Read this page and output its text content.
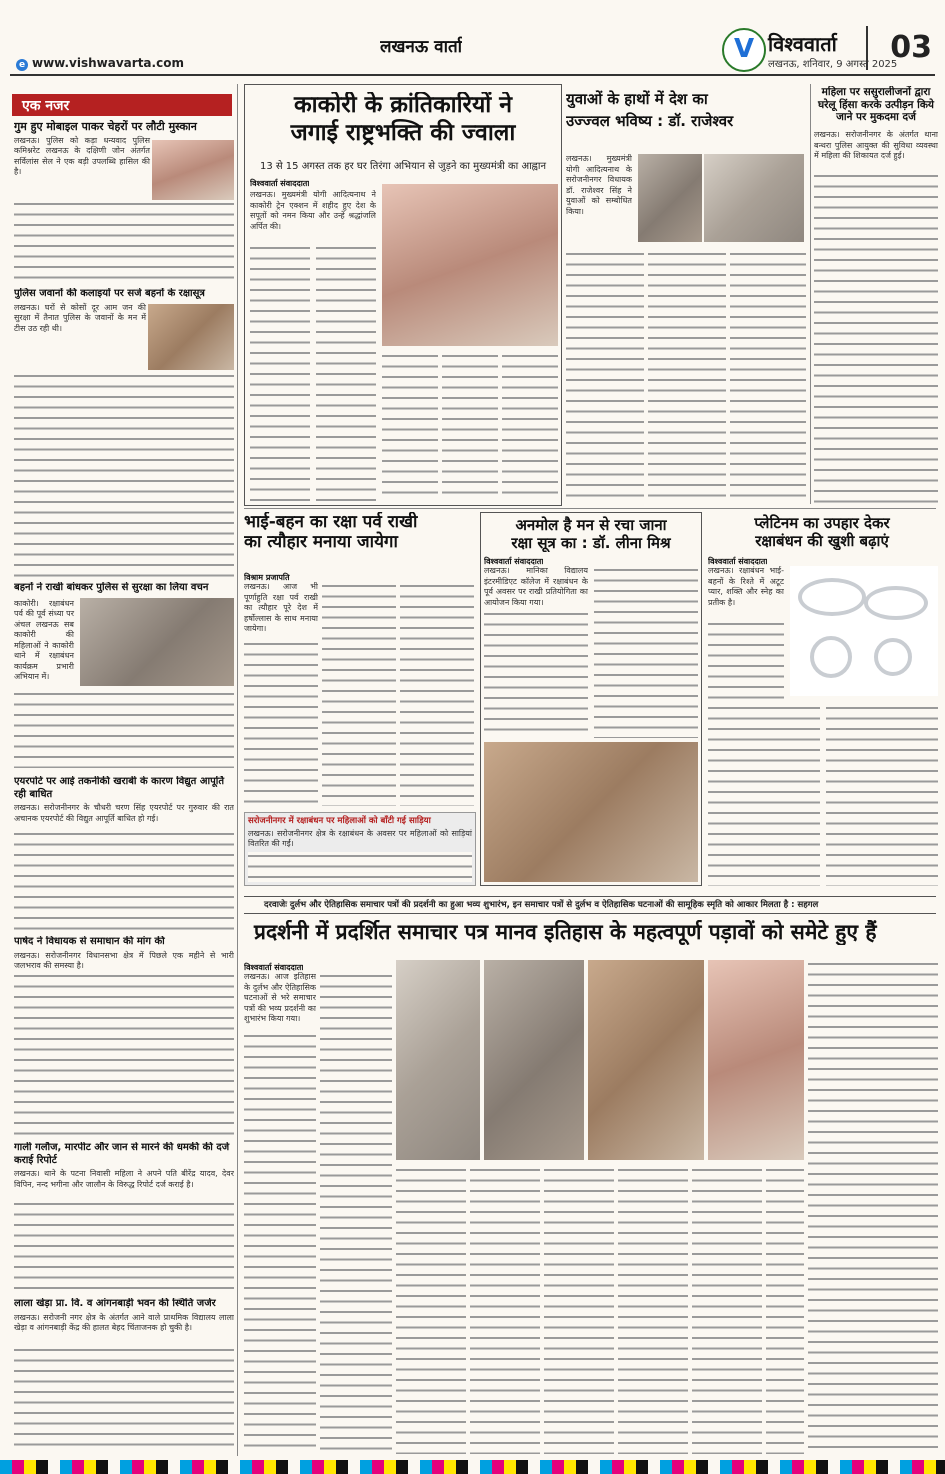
लखनऊ वार्ता
e www.vishwavarta.com	V विश्ववार्ता
लखनऊ, शनिवार, 9 अगस्त 2025
03
एक नजर
गुम हुए मोबाइल पाकर चेहरों पर लौटी मुस्कान
लखनऊ। पुलिस को कड़ा धन्यवाद पुलिस कमिश्नरेट लखनऊ के दक्षिणी जोन अंतर्गत सर्विलांस सेल ने एक बड़ी उपलब्धि हासिल की है।
पुलिस जवानों की कलाइयों पर सजे बहनों के रक्षासूत्र
लखनऊ। घरों से कोसों दूर आम जन की सुरक्षा में तैनात पुलिस के जवानों के मन में टीस उठ रही थी।
बहनों ने राखी बांधकर पुलिस से सुरक्षा का लिया वचन
काकोरी। रक्षाबंधन पर्व की पूर्व संध्या पर अंचल लखनऊ सब काकोरी की महिलाओं ने काकोरी थाने में रक्षाबंधन कार्यक्रम प्रभारी अभियान में।
एयरपोर्ट पर आई तकनीकी खराबी के कारण विद्युत आपूर्ति रही बाधित
लखनऊ। सरोजनीनगर के चौधरी चरण सिंह एयरपोर्ट पर गुरुवार की रात अचानक एयरपोर्ट की विद्युत आपूर्ति बाधित हो गई।
पार्षद ने विधायक से समाधान की मांग की
लखनऊ। सरोजनीनगर विधानसभा क्षेत्र में पिछले एक महीने से भारी जलभराव की समस्या है।
गाली गलौज, मारपीट और जान से मारने की धमकी की दर्ज कराई रिपोर्ट
लखनऊ। थाने के पटना निवासी महिला ने अपने पति बीरेंद्र यादव, देवर विपिन, नन्द भगीना और जालौन के विरुद्ध रिपोर्ट दर्ज कराई है।
लाला खेड़ा प्रा. वि. व आंगनबाड़ी भवन की स्थिति जर्जर
लखनऊ। सरोजनी नगर क्षेत्र के अंतर्गत आने वाले प्राथमिक विद्यालय लाला खेड़ा व आंगनबाड़ी केंद्र की हालत बेहद चिंताजनक हो चुकी है।
काकोरी के क्रांतिकारियों ने
जगाई राष्ट्रभक्ति की ज्वाला
13 से 15 अगस्त तक हर घर तिरंगा अभियान से जुड़ने का मुख्यमंत्री का आह्वान
विश्ववार्ता संवाददाता
लखनऊ। मुख्यमंत्री योगी आदित्यनाथ ने काकोरी ट्रेन एक्शन में शहीद हुए देश के सपूतों को नमन किया और उन्हें श्रद्धांजलि अर्पित की।
युवाओं के हाथों में देश का
उज्ज्वल भविष्य : डॉ. राजेश्वर
लखनऊ। मुख्यमंत्री योगी आदित्यनाथ के सरोजनीनगर विधायक डॉ. राजेश्वर सिंह ने युवाओं को सम्बोधित किया।
महिला पर ससुरालीजनों द्वारा
घरेलू हिंसा करके उत्पीड़न किये
जाने पर मुकदमा दर्ज
लखनऊ। सरोजनीनगर के अंतर्गत थाना बन्थरा पुलिस आयुक्त की सुविधा व्यवस्था में महिला की शिकायत दर्ज हुई।
भाई-बहन का रक्षा पर्व राखी
का त्यौहार मनाया जायेगा
विश्राम प्रजापति
लखनऊ। आज भी पूर्णाहुति रक्षा पर्व राखी का त्यौहार पूरे देश में हर्षोल्लास के साथ मनाया जायेगा।
अनमोल है मन से रचा जाना
रक्षा सूत्र का : डॉ. लीना मिश्र
विश्ववार्ता संवाददाता
लखनऊ। मानिका विद्यालय इंटरमीडिएट कॉलेज में रक्षाबंधन के पूर्व अवसर पर राखी प्रतियोगिता का आयोजन किया गया।
प्लेटिनम का उपहार देकर
रक्षाबंधन की खुशी बढ़ाएं
विश्ववार्ता संवाददाता
लखनऊ। रक्षाबंधन भाई-बहनों के रिश्ते में अटूट प्यार, शक्ति और स्नेह का प्रतीक है।
सरोजनीनगर में रक्षाबंधन पर महिलाओं को बाँटी गई साड़िया
लखनऊ। सरोजनीनगर क्षेत्र के रक्षाबंधन के अवसर पर महिलाओं को साड़ियां वितरित की गईं।
दरवाजेः दुर्लभ और ऐतिहासिक समाचार पत्रों की प्रदर्शनी का हुआ भव्य शुभारंभ, इन समाचार पत्रों से दुर्लभ व ऐतिहासिक घटनाओं की सामूहिक स्मृति को आकार मिलता है : सहगल
प्रदर्शनी में प्रदर्शित समाचार पत्र मानव इतिहास के महत्वपूर्ण पड़ावों को समेटे हुए हैं
विश्ववार्ता संवाददाता
लखनऊ। आज इतिहास के दुर्लभ और ऐतिहासिक घटनाओं से भरे समाचार पत्रों की भव्य प्रदर्शनी का शुभारंभ किया गया।
